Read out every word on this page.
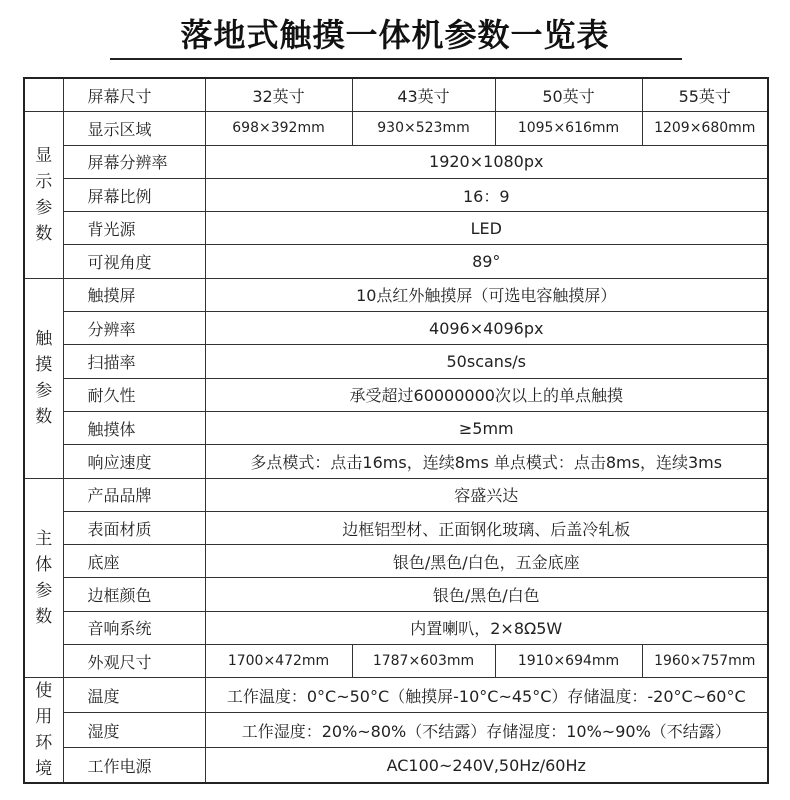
落地式触摸一体机参数一览表
	屏幕尺寸	32英寸	43英寸	50英寸	55英寸

显
示
参
数	显示区域	698×392mm	930×523mm	1095×616mm	1209×680mm
	屏幕分辨率	1920×1080px			
	屏幕比例	16：9			
	背光源	LED			
	可视角度	89°			

触
摸
参
数	触摸屏	10点红外触摸屏（可选电容触摸屏）			
	分辨率	4096×4096px			
	扫描率	50scans/s			
	耐久性	承受超过60000000次以上的单点触摸			
	触摸体	≥5mm			
	响应速度	多点模式：点击16ms，连续8ms 单点模式：点击8ms，连续3ms			

主
体
参
数	产品品牌	容盛兴达			
	表面材质	边框铝型材、正面钢化玻璃、后盖冷轧板			
	底座	银色/黑色/白色，五金底座			
	边框颜色	银色/黑色/白色			
	音响系统	内置喇叭，2×8Ω5W			
	外观尺寸	1700×472mm	1787×603mm	1910×694mm	1960×757mm

使
用
环
境	温度	工作温度：0°C~50°C（触摸屏-10°C~45°C）存储温度：-20°C~60°C			
	湿度	工作湿度：20%~80%（不结露）存储湿度：10%~90%（不结露）			
	工作电源	AC100~240V,50Hz/60Hz			
